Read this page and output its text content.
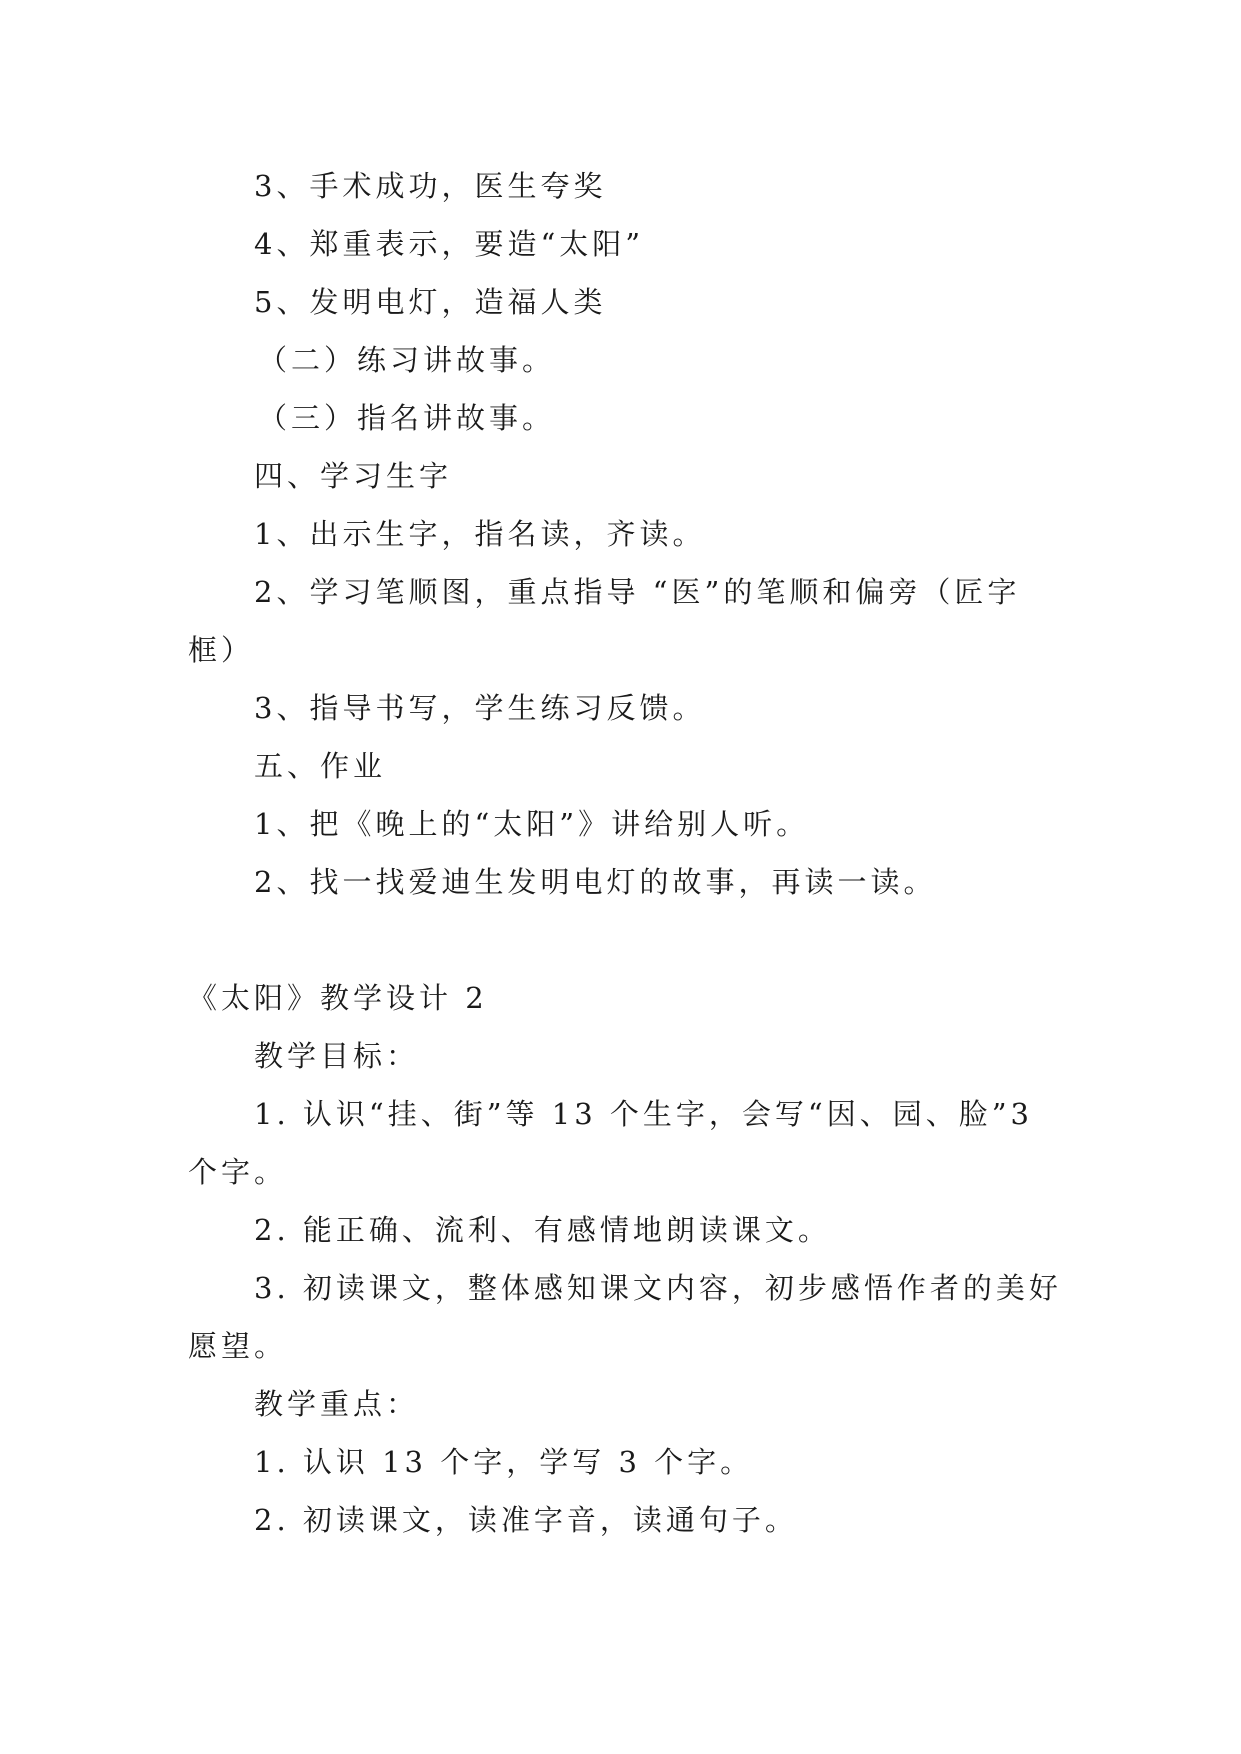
3、手术成功，医生夸奖
4、郑重表示，要造“太阳”
5、发明电灯，造福人类
（二）练习讲故事。
（三）指名讲故事。
四、学习生字
1、出示生字，指名读，齐读。
2、学习笔顺图，重点指导 “医”的笔顺和偏旁（匠字
框）
3、指导书写，学生练习反馈。
五、作业
1、把《晚上的“太阳”》讲给别人听。
2、找一找爱迪生发明电灯的故事，再读一读。
《太阳》教学设计 2
教学目标：
1. 认识“挂、街”等 13 个生字，会写“因、园、脸”3
个字。
2. 能正确、流利、有感情地朗读课文。
3. 初读课文，整体感知课文内容，初步感悟作者的美好
愿望。
教学重点：
1. 认识 13 个字，学写 3 个字。
2. 初读课文，读准字音，读通句子。
